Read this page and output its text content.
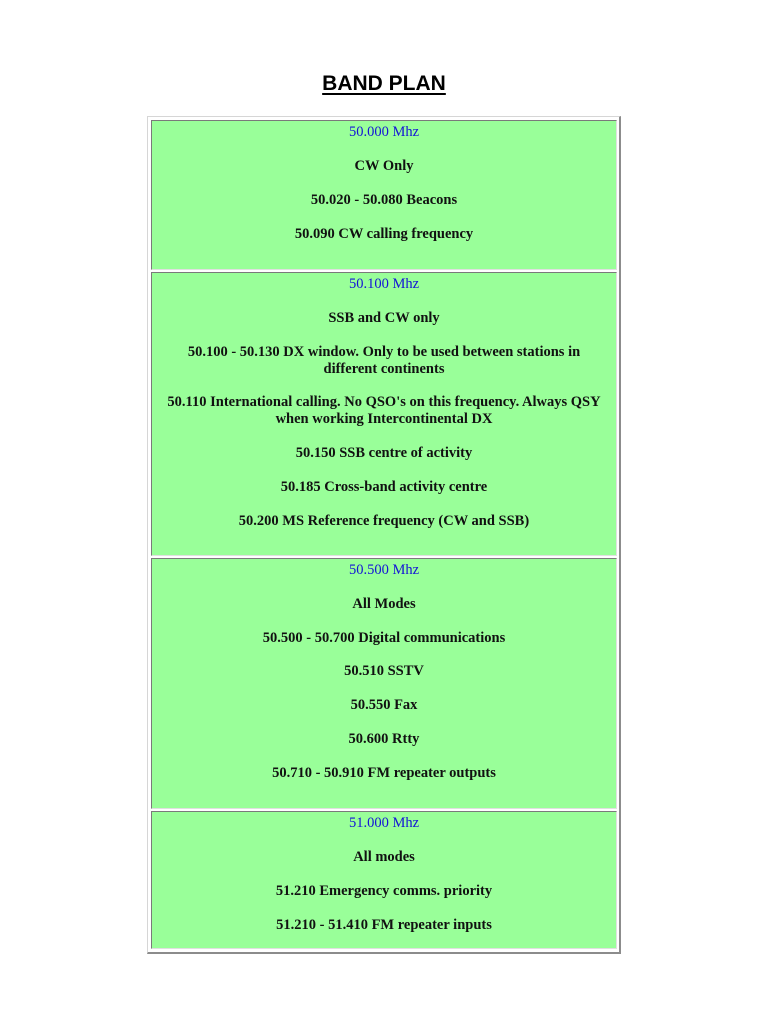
BAND PLAN

50.000 Mhz

CW Only

50.020 - 50.080 Beacons

50.090 CW calling frequency

50.100 Mhz

SSB and CW only

50.100 - 50.130 DX window. Only to be used between stations in different continents

50.110 International calling. No QSO's on this frequency. Always QSY when working Intercontinental DX

50.150 SSB centre of activity

50.185 Cross-band activity centre

50.200 MS Reference frequency (CW and SSB)

50.500 Mhz

All Modes

50.500 - 50.700 Digital communications

50.510 SSTV

50.550 Fax

50.600 Rtty

50.710 - 50.910 FM repeater outputs

51.000 Mhz

All modes

51.210 Emergency comms. priority

51.210 - 51.410 FM repeater inputs
